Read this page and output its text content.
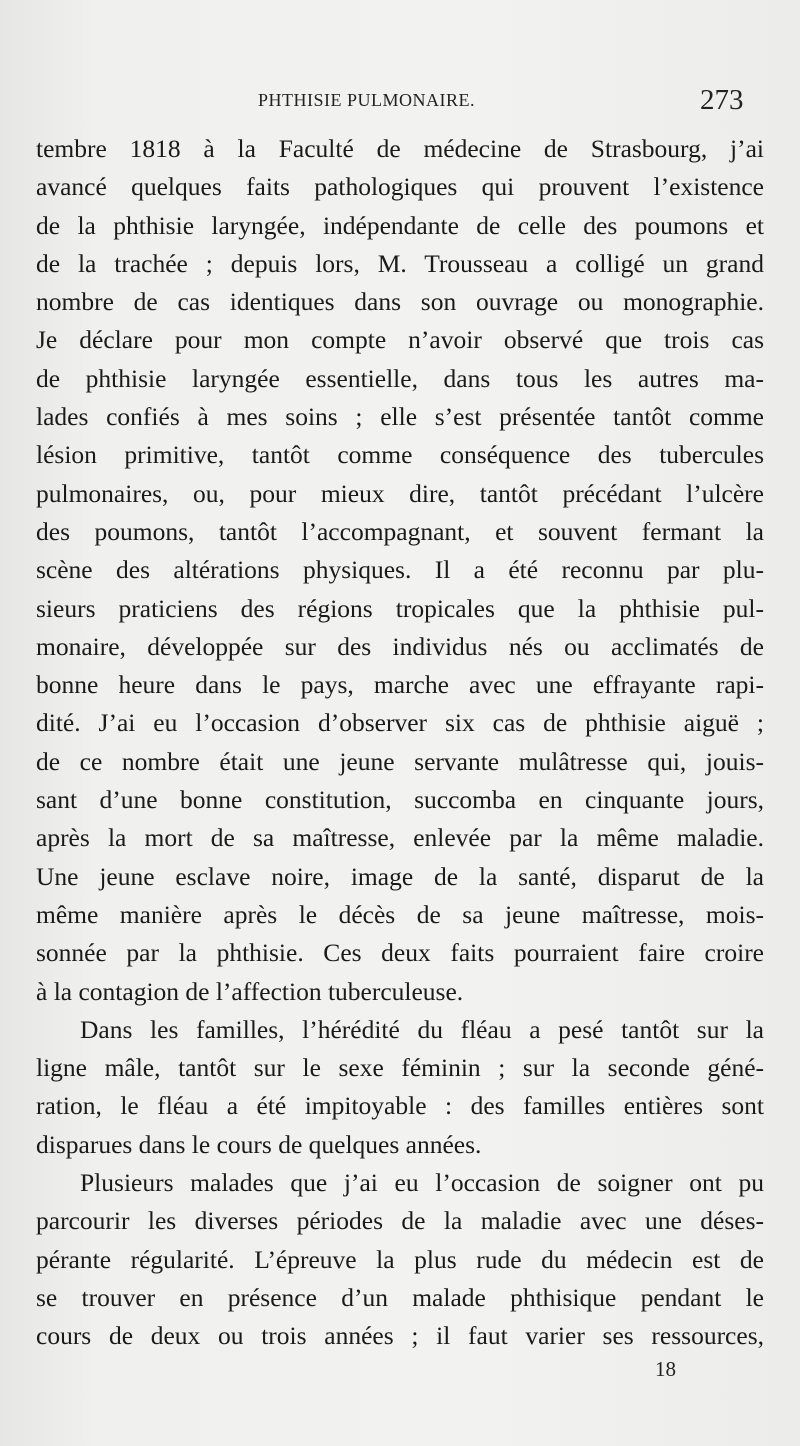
PHTHISIE PULMONAIRE.	273
tembre 1818 à la Faculté de médecine de Strasbourg, j’ai
avancé quelques faits pathologiques qui prouvent l’existence
de la phthisie laryngée, indépendante de celle des poumons et
de la trachée ; depuis lors, M. Trousseau a colligé un grand
nombre de cas identiques dans son ouvrage ou monographie.
Je déclare pour mon compte n’avoir observé que trois cas
de phthisie laryngée essentielle, dans tous les autres ma-
lades confiés à mes soins ; elle s’est présentée tantôt comme
lésion primitive, tantôt comme conséquence des tubercules
pulmonaires, ou, pour mieux dire, tantôt précédant l’ulcère
des poumons, tantôt l’accompagnant, et souvent fermant la
scène des altérations physiques. Il a été reconnu par plu-
sieurs praticiens des régions tropicales que la phthisie pul-
monaire, développée sur des individus nés ou acclimatés de
bonne heure dans le pays, marche avec une effrayante rapi-
dité. J’ai eu l’occasion d’observer six cas de phthisie aiguë ;
de ce nombre était une jeune servante mulâtresse qui, jouis-
sant d’une bonne constitution, succomba en cinquante jours,
après la mort de sa maîtresse, enlevée par la même maladie.
Une jeune esclave noire, image de la santé, disparut de la
même manière après le décès de sa jeune maîtresse, mois-
sonnée par la phthisie. Ces deux faits pourraient faire croire
à la contagion de l’affection tuberculeuse.
Dans les familles, l’hérédité du fléau a pesé tantôt sur la
ligne mâle, tantôt sur le sexe féminin ; sur la seconde géné-
ration, le fléau a été impitoyable : des familles entières sont
disparues dans le cours de quelques années.
Plusieurs malades que j’ai eu l’occasion de soigner ont pu
parcourir les diverses périodes de la maladie avec une déses-
pérante régularité. L’épreuve la plus rude du médecin est de
se trouver en présence d’un malade phthisique pendant le
cours de deux ou trois années ; il faut varier ses ressources,
18
